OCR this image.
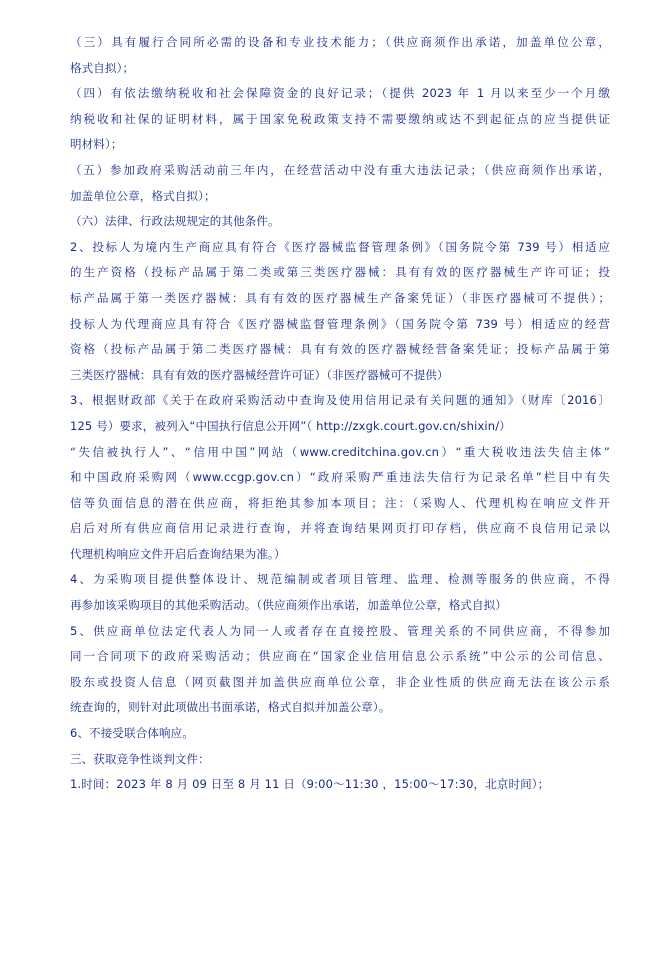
（三）具有履行合同所必需的设备和专业技术能力；（供应商须作出承诺，加盖单位公章，
格式自拟）；
（四）有依法缴纳税收和社会保障资金的良好记录；（提供 2023 年 1 月以来至少一个月缴
纳税收和社保的证明材料，属于国家免税政策支持不需要缴纳或达不到起征点的应当提供证
明材料）；
（五）参加政府采购活动前三年内，在经营活动中没有重大违法记录；（供应商须作出承诺，
加盖单位公章，格式自拟）；
（六）法律、行政法规规定的其他条件。
2、投标人为境内生产商应具有符合《医疗器械监督管理条例》（国务院令第 739 号）相适应
的生产资格（投标产品属于第二类或第三类医疗器械：具有有效的医疗器械生产许可证；投
标产品属于第一类医疗器械：具有有效的医疗器械生产备案凭证）（非医疗器械可不提供）；
投标人为代理商应具有符合《医疗器械监督管理条例》（国务院令第 739 号）相适应的经营
资格（投标产品属于第二类医疗器械：具有有效的医疗器械经营备案凭证；投标产品属于第
三类医疗器械：具有有效的医疗器械经营许可证）（非医疗器械可不提供）
3、根据财政部《关于在政府采购活动中查询及使用信用记录有关问题的通知》（财库〔2016〕
125 号）要求，被列入“中国执行信息公开网”（ http://zxgk.court.gov.cn/shixin/）
“失信被执行人”、“信用中国”网站（www.creditchina.gov.cn）“重大税收违法失信主体”
和中国政府采购网（www.ccgp.gov.cn）“政府采购严重违法失信行为记录名单”栏目中有失
信等负面信息的潜在供应商，将拒绝其参加本项目；注：（采购人、代理机构在响应文件开
启后对所有供应商信用记录进行查询，并将查询结果网页打印存档，供应商不良信用记录以
代理机构响应文件开启后查询结果为准。）
4、为采购项目提供整体设计、规范编制或者项目管理、监理、检测等服务的供应商，不得
再参加该采购项目的其他采购活动。（供应商须作出承诺，加盖单位公章，格式自拟）
5、供应商单位法定代表人为同一人或者存在直接控股、管理关系的不同供应商，不得参加
同一合同项下的政府采购活动；供应商在“国家企业信用信息公示系统”中公示的公司信息、
股东或投资人信息（网页截图并加盖供应商单位公章，非企业性质的供应商无法在该公示系
统查询的，则针对此项做出书面承诺，格式自拟并加盖公章）。
6、不接受联合体响应。
三、获取竞争性谈判文件：
1.时间：2023 年 8 月 09 日至 8 月 11 日（9:00～11:30 ，15:00～17:30，北京时间）；
